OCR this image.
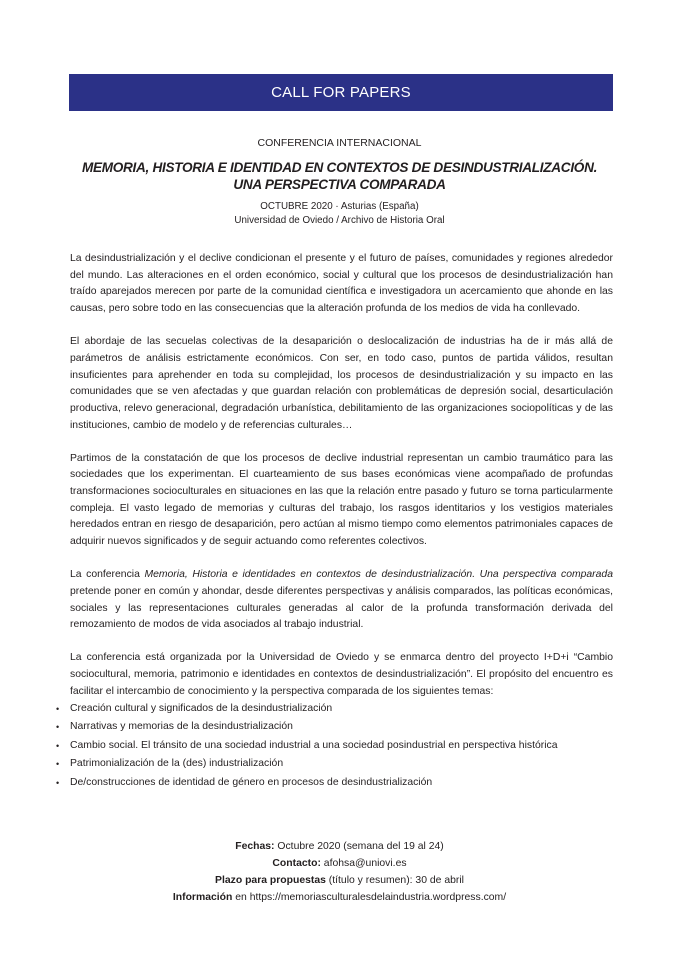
CALL FOR PAPERS
CONFERENCIA INTERNACIONAL
MEMORIA, HISTORIA E IDENTIDAD EN CONTEXTOS DE DESINDUSTRIALIZACIÓN.
UNA PERSPECTIVA COMPARADA
OCTUBRE 2020 · Asturias (España)
Universidad de Oviedo / Archivo de Historia Oral

La desindustrialización y el declive condicionan el presente y el futuro de países, comunidades y regiones alrededor del mundo. Las alteraciones en el orden económico, social y cultural que los procesos de desindustrialización han traído aparejados merecen por parte de la comunidad científica e investigadora un acercamiento que ahonde en las causas, pero sobre todo en las consecuencias que la alteración profunda de los medios de vida ha conllevado.

El abordaje de las secuelas colectivas de la desaparición o deslocalización de industrias ha de ir más allá de parámetros de análisis estrictamente económicos. Con ser, en todo caso, puntos de partida válidos, resultan insuficientes para aprehender en toda su complejidad, los procesos de desindustrialización y su impacto en las comunidades que se ven afectadas y que guardan relación con problemáticas de depresión social, desarticulación productiva, relevo generacional, degradación urbanística, debilitamiento de las organizaciones sociopolíticas y de las instituciones, cambio de modelo y de referencias culturales…

Partimos de la constatación de que los procesos de declive industrial representan un cambio traumático para las sociedades que los experimentan. El cuarteamiento de sus bases económicas viene acompañado de profundas transformaciones socioculturales en situaciones en las que la relación entre pasado y futuro se torna particularmente compleja. El vasto legado de memorias y culturas del trabajo, los rasgos identitarios y los vestigios materiales heredados entran en riesgo de desaparición, pero actúan al mismo tiempo como elementos patrimoniales capaces de adquirir nuevos significados y de seguir actuando como referentes colectivos.

La conferencia Memoria, Historia e identidades en contextos de desindustrialización. Una perspectiva comparada pretende poner en común y ahondar, desde diferentes perspectivas y análisis comparados, las políticas económicas, sociales y las representaciones culturales generadas al calor de la profunda transformación derivada del remozamiento de modos de vida asociados al trabajo industrial.

La conferencia está organizada por la Universidad de Oviedo y se enmarca dentro del proyecto I+D+i “Cambio sociocultural, memoria, patrimonio e identidades en contextos de desindustrialización”. El propósito del encuentro es facilitar el intercambio de conocimiento y la perspectiva comparada de los siguientes temas:

• Creación cultural y significados de la desindustrialización
• Narrativas y memorias de la desindustrialización
• Cambio social. El tránsito de una sociedad industrial a una sociedad posindustrial en perspectiva histórica
• Patrimonialización de la (des) industrialización
• De/construcciones de identidad de género en procesos de desindustrialización
Fechas: Octubre 2020 (semana del 19 al 24)
Contacto: afohsa@uniovi.es
Plazo para propuestas (título y resumen): 30 de abril
Información en https://memoriasculturalesdelaindustria.wordpress.com/
